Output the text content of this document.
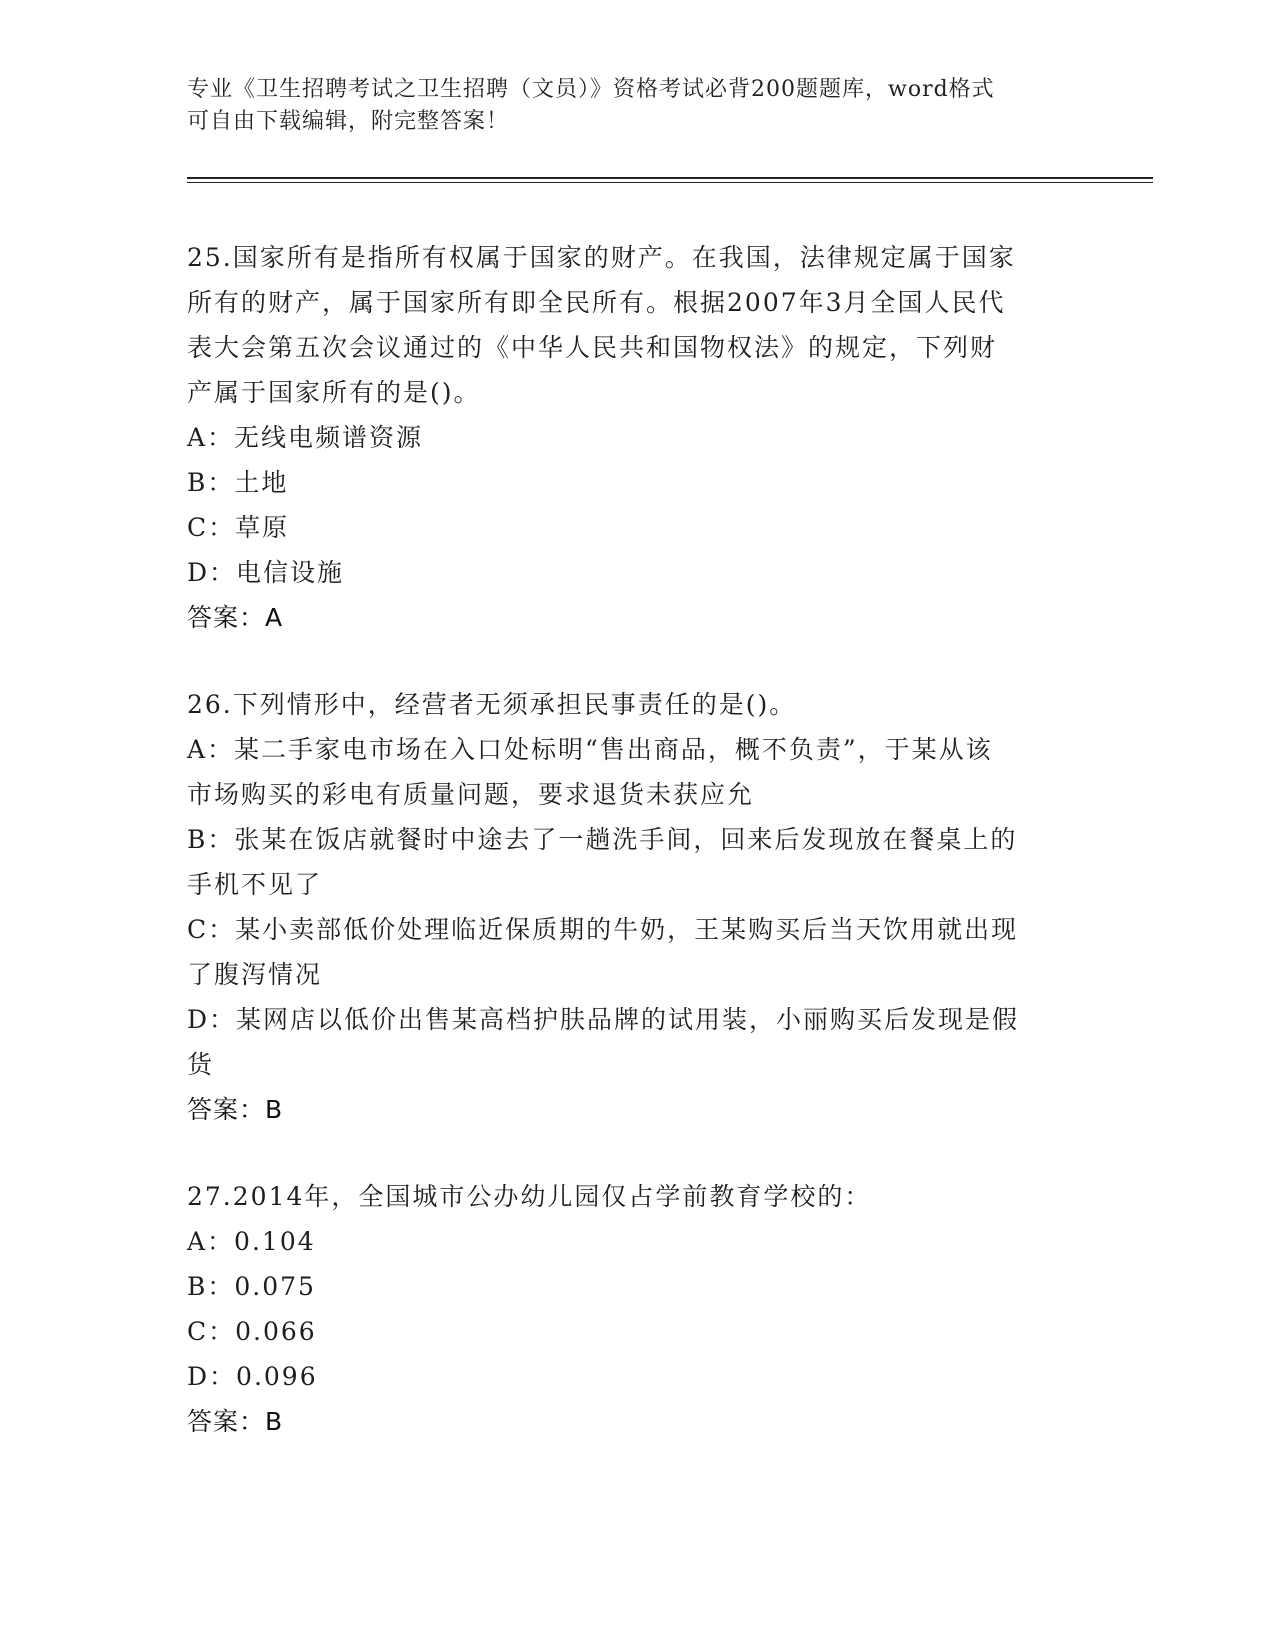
专业《卫生招聘考试之卫生招聘（文员）》资格考试必背200题题库，word格式
可自由下载编辑，附完整答案！
25.国家所有是指所有权属于国家的财产。在我国，法律规定属于国家
所有的财产，属于国家所有即全民所有。根据2007年3月全国人民代
表大会第五次会议通过的《中华人民共和国物权法》的规定，下列财
产属于国家所有的是()。
A：无线电频谱资源
B：土地
C：草原
D：电信设施
答案：A
26.下列情形中，经营者无须承担民事责任的是()。
A：某二手家电市场在入口处标明“售出商品，概不负责”，于某从该
市场购买的彩电有质量问题，要求退货未获应允
B：张某在饭店就餐时中途去了一趟洗手间，回来后发现放在餐桌上的
手机不见了
C：某小卖部低价处理临近保质期的牛奶，王某购买后当天饮用就出现
了腹泻情况
D：某网店以低价出售某高档护肤品牌的试用装，小丽购买后发现是假
货
答案：B
27.2014年，全国城市公办幼儿园仅占学前教育学校的：
A：0.104
B：0.075
C：0.066
D：0.096
答案：B
